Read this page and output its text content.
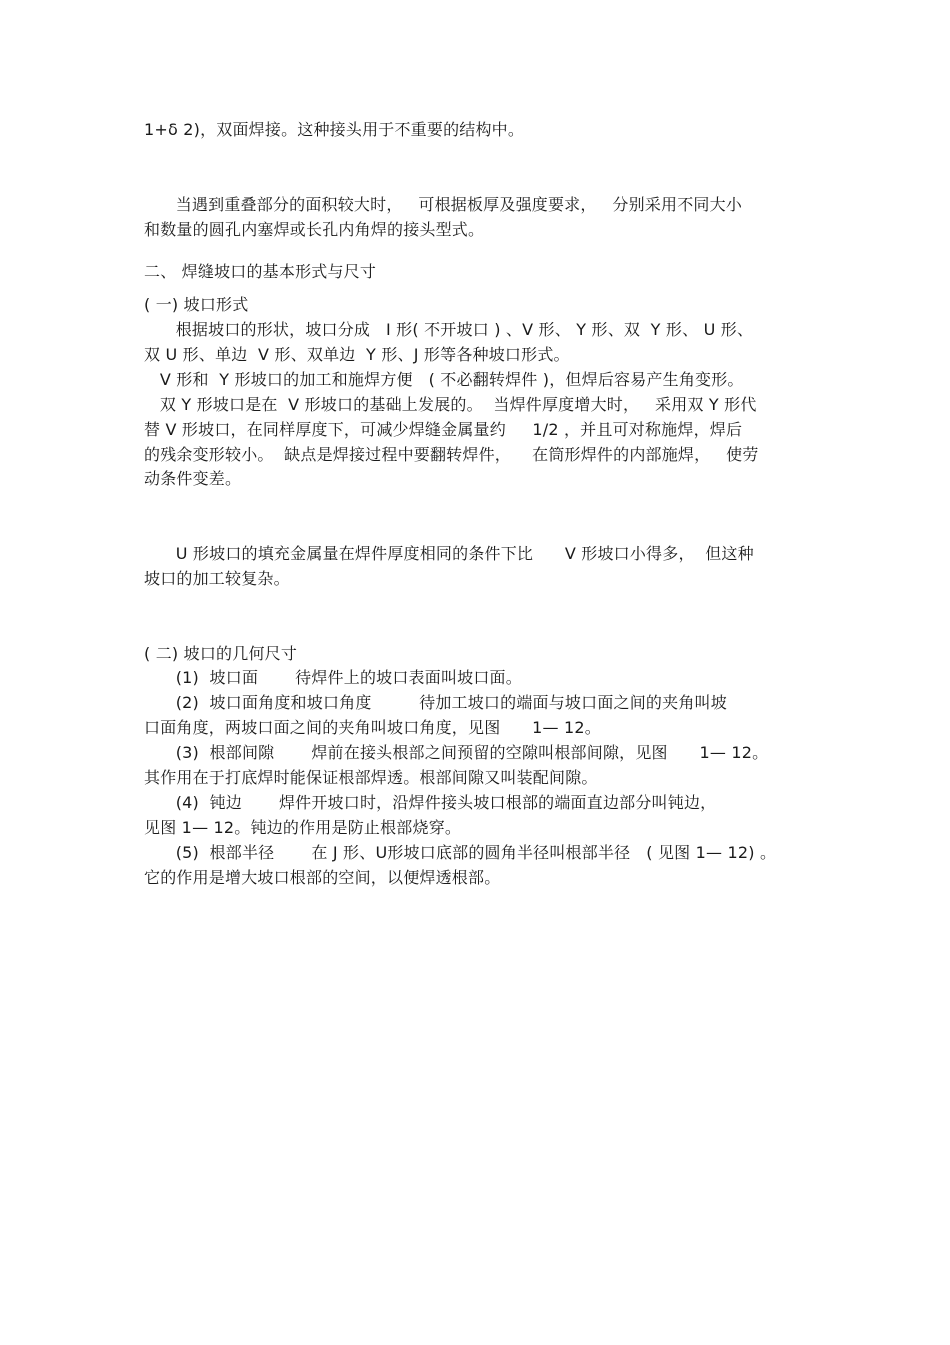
1+δ 2)，双面焊接。这种接头用于不重要的结构中。

当遇到重叠部分的面积较大时，   可根据板厚及强度要求，   分别采用不同大小

和数量的圆孔内塞焊或长孔内角焊的接头型式。

二、 焊缝坡口的基本形式与尺寸

( 一) 坡口形式

根据坡口的形状，坡口分成   I 形( 不开坡口 ) 、V 形、 Y 形、双  Y 形、 U 形、

双 U 形、单边  V 形、双单边  Y 形、J 形等各种坡口形式。

V 形和  Y 形坡口的加工和施焊方便   ( 不必翻转焊件 )，但焊后容易产生角变形。

双 Y 形坡口是在  V 形坡口的基础上发展的。  当焊件厚度增大时，   采用双 Y 形代

替 V 形坡口，在同样厚度下，可减少焊缝金属量约     1/2 ，并且可对称施焊，焊后

的残余变形较小。  缺点是焊接过程中要翻转焊件，    在筒形焊件的内部施焊，   使劳

动条件变差。

U 形坡口的填充金属量在焊件厚度相同的条件下比      V 形坡口小得多，  但这种

坡口的加工较复杂。

( 二) 坡口的几何尺寸

(1)  坡口面       待焊件上的坡口表面叫坡口面。

(2)  坡口面角度和坡口角度         待加工坡口的端面与坡口面之间的夹角叫坡

口面角度，两坡口面之间的夹角叫坡口角度，见图      1— 12。

(3)  根部间隙       焊前在接头根部之间预留的空隙叫根部间隙，见图      1— 12。

其作用在于打底焊时能保证根部焊透。根部间隙又叫装配间隙。

(4)  钝边       焊件开坡口时，沿焊件接头坡口根部的端面直边部分叫钝边，

见图 1— 12。钝边的作用是防止根部烧穿。

(5)  根部半径       在 J 形、U形坡口底部的圆角半径叫根部半径   ( 见图 1— 12) 。

它的作用是增大坡口根部的空间，以便焊透根部。
